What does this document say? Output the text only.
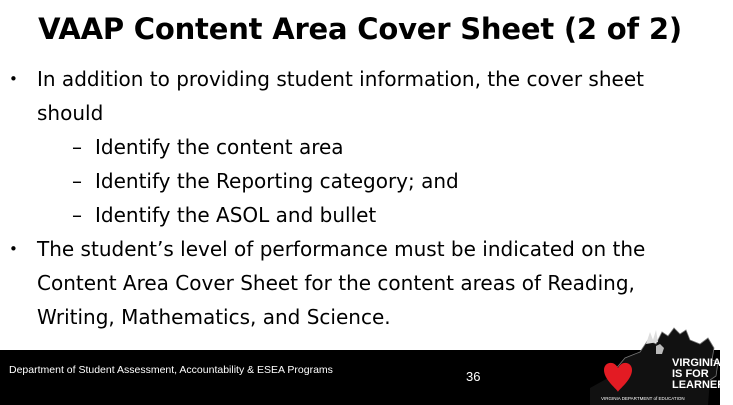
VAAP Content Area Cover Sheet (2 of 2)
• In addition to providing student information, the cover sheet
should
– Identify the content area
– Identify the Reporting category; and
– Identify the ASOL and bullet
• The student’s level of performance must be indicated on the
Content Area Cover Sheet for the content areas of Reading,
Writing, Mathematics, and Science.
Department of Student Assessment, Accountability & ESEA Programs	36
VIRGINIA
IS FOR
LEARNERS
VIRGINIA DEPARTMENT of EDUCATION
